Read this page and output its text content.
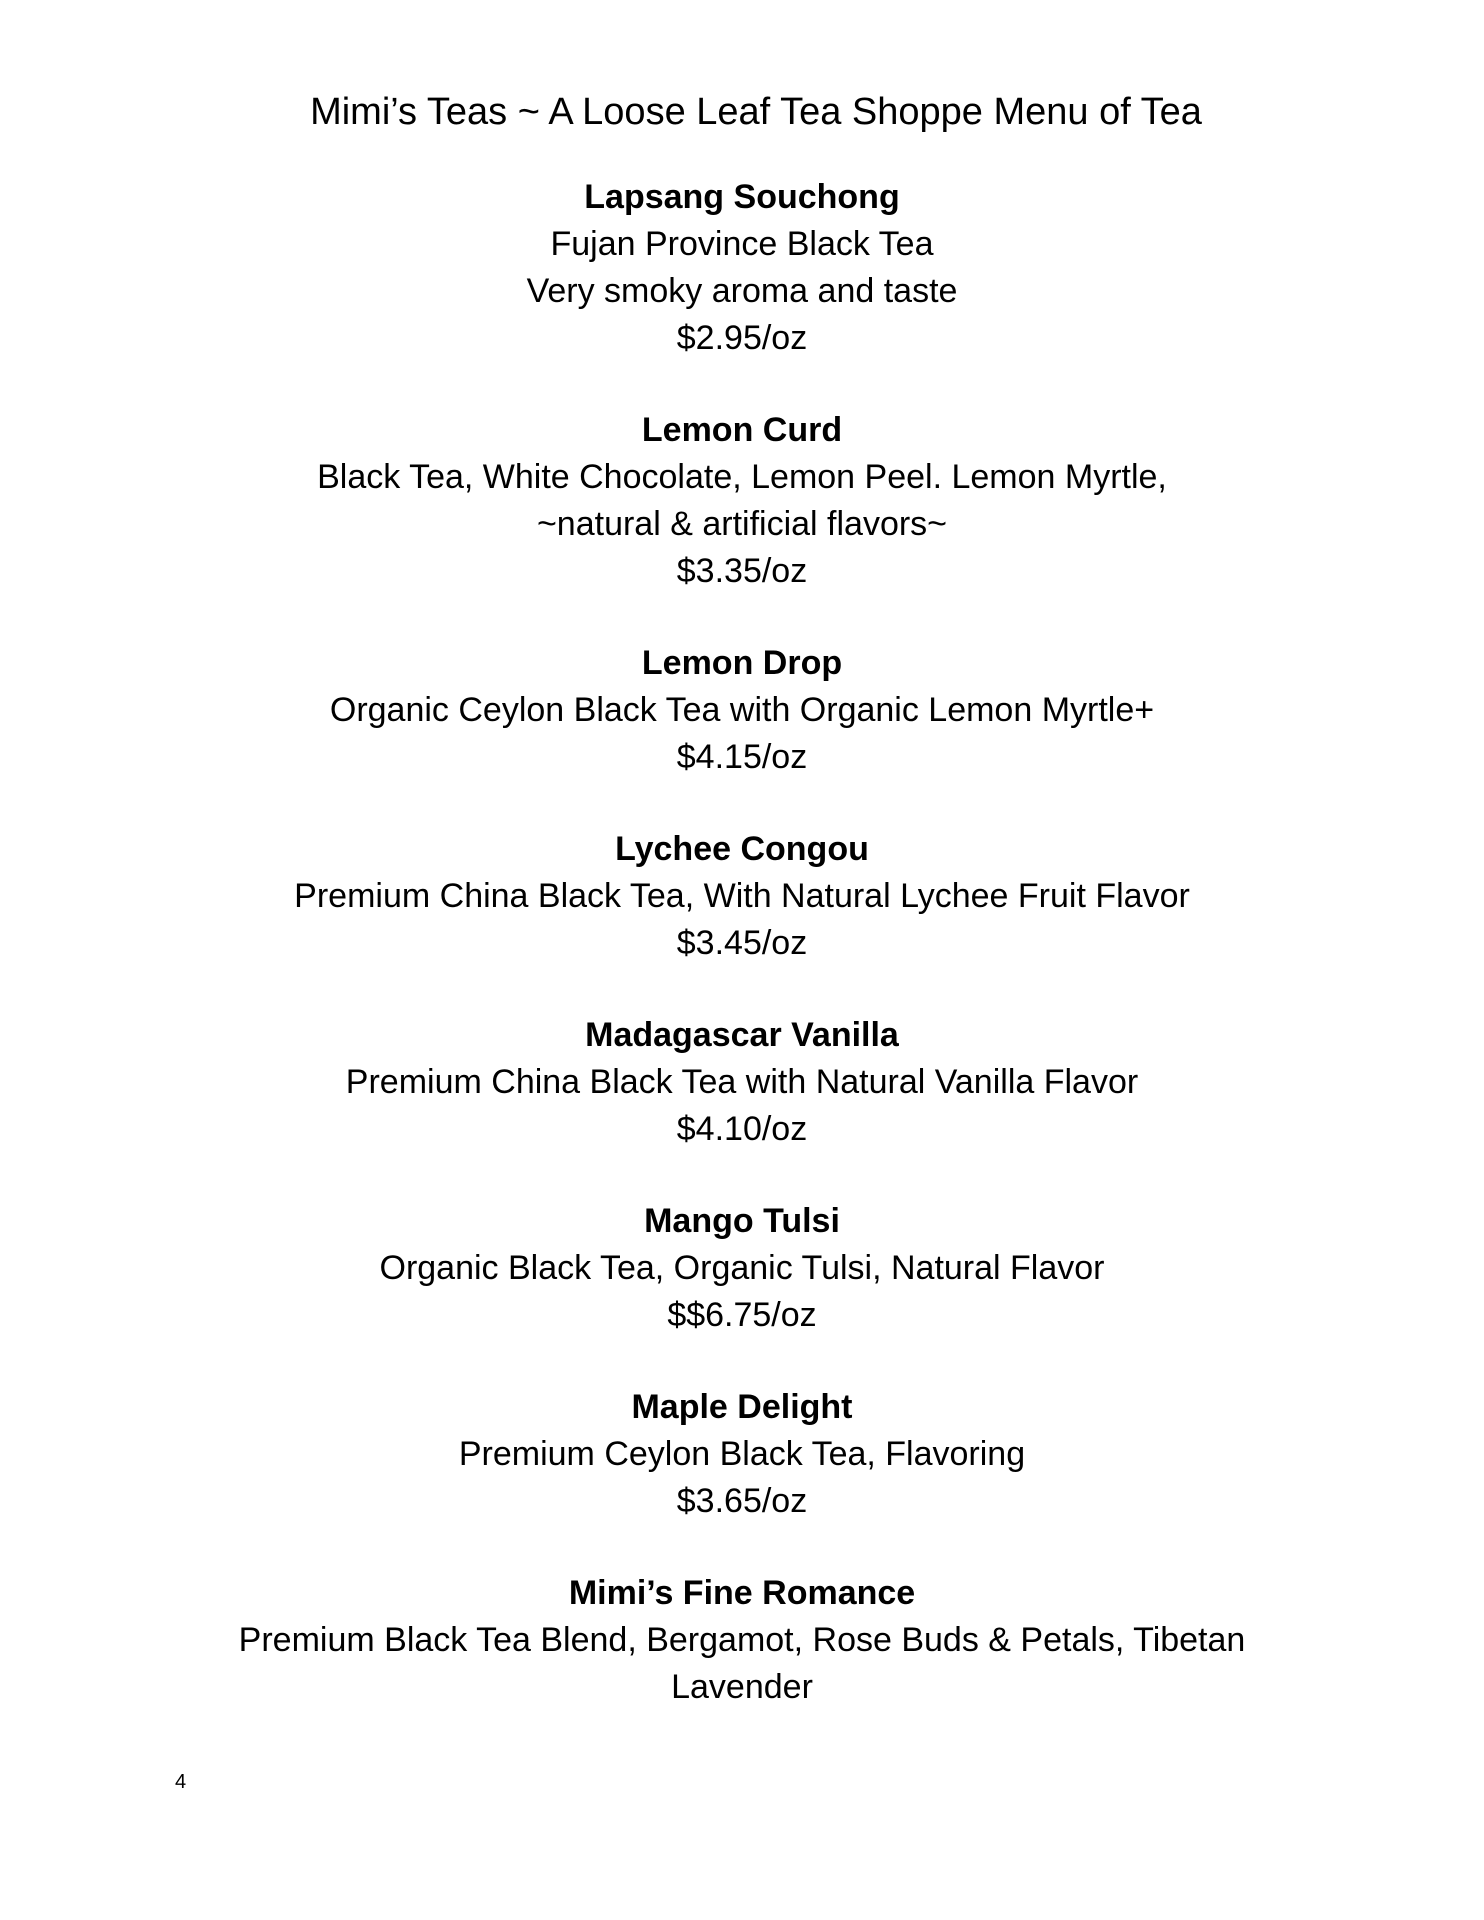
Mimi’s Teas ~ A Loose Leaf Tea Shoppe Menu of Tea
Lapsang Souchong
Fujan Province Black Tea
Very smoky aroma and taste
$2.95/oz
Lemon Curd
Black Tea, White Chocolate, Lemon Peel. Lemon Myrtle,
~natural & artificial flavors~
$3.35/oz
Lemon Drop
Organic Ceylon Black Tea with Organic Lemon Myrtle+
$4.15/oz
Lychee Congou
Premium China Black Tea, With Natural Lychee Fruit Flavor
$3.45/oz
Madagascar Vanilla
Premium China Black Tea with Natural Vanilla Flavor
$4.10/oz
Mango Tulsi
Organic Black Tea, Organic Tulsi, Natural Flavor
$$6.75/oz
Maple Delight
Premium Ceylon Black Tea, Flavoring
$3.65/oz
Mimi’s Fine Romance
Premium Black Tea Blend, Bergamot, Rose Buds & Petals, Tibetan
Lavender
4
